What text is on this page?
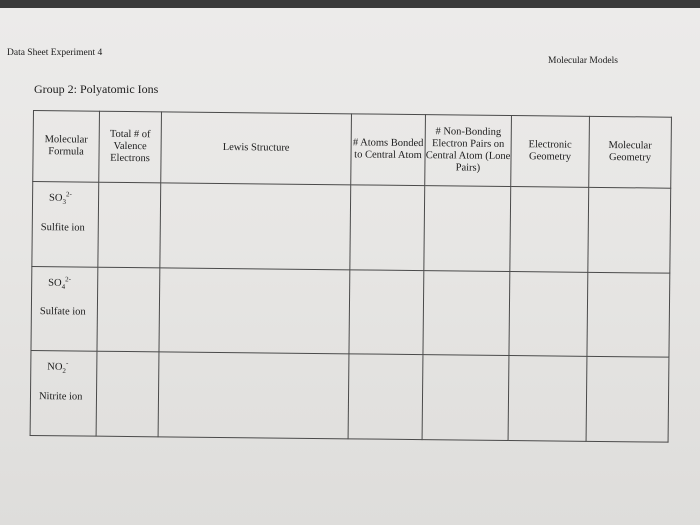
Data Sheet Experiment 4
Molecular Models
Group 2: Polyatomic Ions
Molecular Formula	Total # of Valence Electrons	Lewis Structure	# Atoms Bonded to Central Atom	# Non-Bonding Electron Pairs on Central Atom (Lone Pairs)	Electronic Geometry	Molecular Geometry

$SO_3^{2-}$
Sulfite ion						

$SO_4^{2-}$
Sulfate ion						

$NO_2^-$
Nitrite ion						
